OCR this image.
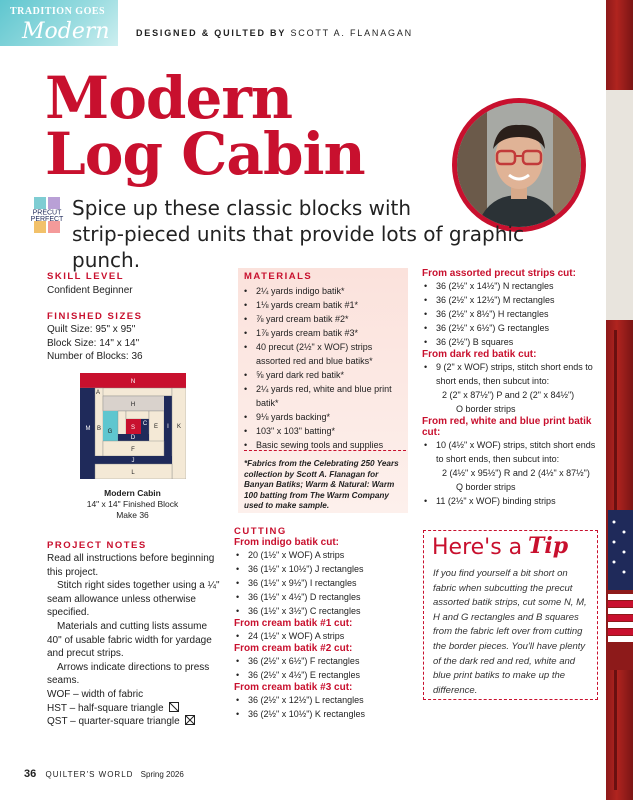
TRADITION GOES
Modern	DESIGNED & QUILTED BY SCOTT A. FLANAGAN
Modern
Log Cabin
PRECUT
PERFECT Spice up these classic blocks with
strip-pieced units that provide lots of graphic punch.
SKILL LEVEL
Confident Beginner
FINISHED SIZES
Quilt Size: 95" x 95"
Block Size: 14" x 14"
Number of Blocks: 36
N
A
H
M B G
S
C E I K
D
F
J
L
Modern Cabin
14" x 14" Finished Block
Make 36
PROJECT NOTES
Read all instructions before beginning this project.
Stitch right sides together using a ¼" seam allowance unless otherwise specified.
Materials and cutting lists assume 40" of usable fabric width for yardage and precut strips.
Arrows indicate directions to press seams.
WOF – width of fabric
HST – half-square triangle
QST – quarter-square triangle
MATERIALS
• 2¼ yards indigo batik*
• 1⅛ yards cream batik #1*
• ⅞ yard cream batik #2*
• 1⅞ yards cream batik #3*
• 40 precut (2½" x WOF) strips assorted red and blue batiks*
• ⅝ yard dark red batik*
• 2¼ yards red, white and blue print batik*
• 9⅛ yards backing*
• 103" x 103" batting*
• Basic sewing tools and supplies
*Fabrics from the Celebrating 250 Years collection by Scott A. Flanagan for Banyan Batiks; Warm & Natural: Warm 100 batting from The Warm Company used to make sample.
CUTTING
From indigo batik cut:
• 20 (1½" x WOF) A strips
• 36 (1½" x 10½") J rectangles
• 36 (1½" x 9½") I rectangles
• 36 (1½" x 4½") D rectangles
• 36 (1½" x 3½") C rectangles
From cream batik #1 cut:
• 24 (1½" x WOF) A strips
From cream batik #2 cut:
• 36 (2½" x 6½") F rectangles
• 36 (2½" x 4½") E rectangles
From cream batik #3 cut:
• 36 (2½" x 12½") L rectangles
• 36 (2½" x 10½") K rectangles
From assorted precut strips cut:
• 36 (2½" x 14½") N rectangles
• 36 (2½" x 12½") M rectangles
• 36 (2½" x 8½") H rectangles
• 36 (2½" x 6½") G rectangles
• 36 (2½") B squares
From dark red batik cut:
• 9 (2" x WOF) strips, stitch short ends to short ends, then subcut into:
2 (2" x 87½") P and 2 (2" x 84½")
O border strips
From red, white and blue print batik cut:
• 10 (4½" x WOF) strips, stitch short ends to short ends, then subcut into:
2 (4½" x 95½") R and 2 (4½" x 87½")
Q border strips
• 11 (2½" x WOF) binding strips
Here's a Tip
If you find yourself a bit short on fabric when subcutting the precut assorted batik strips, cut some N, M, H and G rectangles and B squares from the fabric left over from cutting the border pieces. You'll have plenty of the dark red and red, white and blue print batiks to make up the difference.
36 QUILTER'S WORLD Spring 2026	PassionForum.ru
